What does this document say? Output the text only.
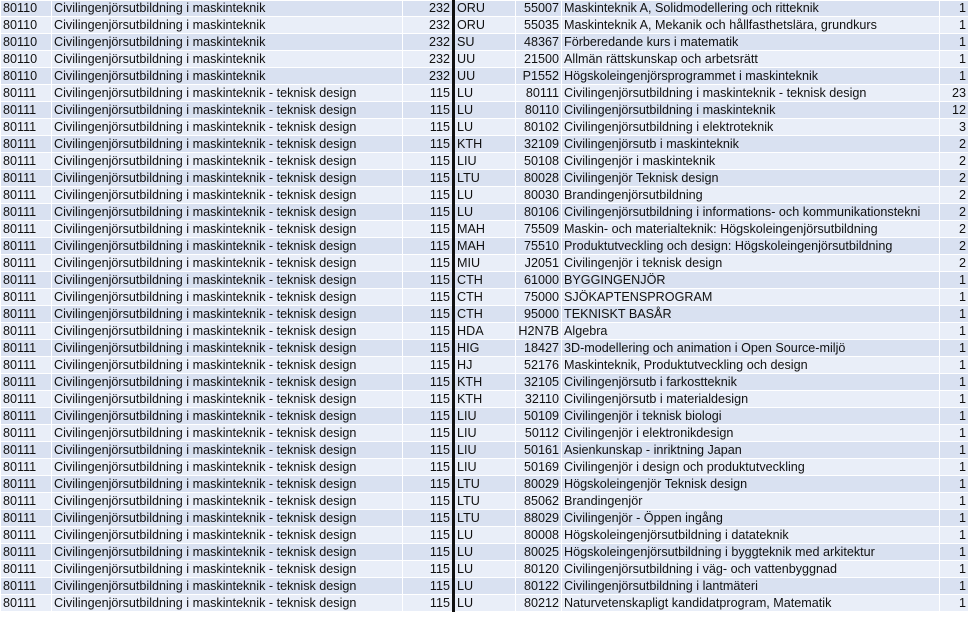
80110	Civilingenjörsutbildning i maskinteknik	232	ORU	55007	Maskinteknik A, Solidmodellering och ritteknik	1
80110	Civilingenjörsutbildning i maskinteknik	232	ORU	55035	Maskinteknik A, Mekanik och hållfasthetslära, grundkurs	1
80110	Civilingenjörsutbildning i maskinteknik	232	SU	48367	Förberedande kurs i matematik	1
80110	Civilingenjörsutbildning i maskinteknik	232	UU	21500	Allmän rättskunskap och arbetsrätt	1
80110	Civilingenjörsutbildning i maskinteknik	232	UU	P1552	Högskoleingenjörsprogrammet i maskinteknik	1
80111	Civilingenjörsutbildning i maskinteknik - teknisk design	115	LU	80111	Civilingenjörsutbildning i maskinteknik - teknisk design	23
80111	Civilingenjörsutbildning i maskinteknik - teknisk design	115	LU	80110	Civilingenjörsutbildning i maskinteknik	12
80111	Civilingenjörsutbildning i maskinteknik - teknisk design	115	LU	80102	Civilingenjörsutbildning i elektroteknik	3
80111	Civilingenjörsutbildning i maskinteknik - teknisk design	115	KTH	32109	Civilingenjörsutb i maskinteknik	2
80111	Civilingenjörsutbildning i maskinteknik - teknisk design	115	LIU	50108	Civilingenjör i maskinteknik	2
80111	Civilingenjörsutbildning i maskinteknik - teknisk design	115	LTU	80028	Civilingenjör Teknisk design	2
80111	Civilingenjörsutbildning i maskinteknik - teknisk design	115	LU	80030	Brandingenjörsutbildning	2
80111	Civilingenjörsutbildning i maskinteknik - teknisk design	115	LU	80106	Civilingenjörsutbildning i informations- och kommunikationstekni	2
80111	Civilingenjörsutbildning i maskinteknik - teknisk design	115	MAH	75509	Maskin- och materialteknik: Högskoleingenjörsutbildning	2
80111	Civilingenjörsutbildning i maskinteknik - teknisk design	115	MAH	75510	Produktutveckling och design: Högskoleingenjörsutbildning	2
80111	Civilingenjörsutbildning i maskinteknik - teknisk design	115	MIU	J2051	Civilingenjör i teknisk design	2
80111	Civilingenjörsutbildning i maskinteknik - teknisk design	115	CTH	61000	BYGGINGENJÖR	1
80111	Civilingenjörsutbildning i maskinteknik - teknisk design	115	CTH	75000	SJÖKAPTENSPROGRAM	1
80111	Civilingenjörsutbildning i maskinteknik - teknisk design	115	CTH	95000	TEKNISKT BASÅR	1
80111	Civilingenjörsutbildning i maskinteknik - teknisk design	115	HDA	H2N7B	Algebra	1
80111	Civilingenjörsutbildning i maskinteknik - teknisk design	115	HIG	18427	3D-modellering och animation i Open Source-miljö	1
80111	Civilingenjörsutbildning i maskinteknik - teknisk design	115	HJ	52176	Maskinteknik, Produktutveckling och design	1
80111	Civilingenjörsutbildning i maskinteknik - teknisk design	115	KTH	32105	Civilingenjörsutb i farkostteknik	1
80111	Civilingenjörsutbildning i maskinteknik - teknisk design	115	KTH	32110	Civilingenjörsutb i materialdesign	1
80111	Civilingenjörsutbildning i maskinteknik - teknisk design	115	LIU	50109	Civilingenjör i teknisk biologi	1
80111	Civilingenjörsutbildning i maskinteknik - teknisk design	115	LIU	50112	Civilingenjör i elektronikdesign	1
80111	Civilingenjörsutbildning i maskinteknik - teknisk design	115	LIU	50161	Asienkunskap - inriktning Japan	1
80111	Civilingenjörsutbildning i maskinteknik - teknisk design	115	LIU	50169	Civilingenjör i design och produktutveckling	1
80111	Civilingenjörsutbildning i maskinteknik - teknisk design	115	LTU	80029	Högskoleingenjör Teknisk design	1
80111	Civilingenjörsutbildning i maskinteknik - teknisk design	115	LTU	85062	Brandingenjör	1
80111	Civilingenjörsutbildning i maskinteknik - teknisk design	115	LTU	88029	Civilingenjör - Öppen ingång	1
80111	Civilingenjörsutbildning i maskinteknik - teknisk design	115	LU	80008	Högskoleingenjörsutbildning i datateknik	1
80111	Civilingenjörsutbildning i maskinteknik - teknisk design	115	LU	80025	Högskoleingenjörsutbildning i byggteknik med arkitektur	1
80111	Civilingenjörsutbildning i maskinteknik - teknisk design	115	LU	80120	Civilingenjörsutbildning i väg- och vattenbyggnad	1
80111	Civilingenjörsutbildning i maskinteknik - teknisk design	115	LU	80122	Civilingenjörsutbildning i lantmäteri	1
80111	Civilingenjörsutbildning i maskinteknik - teknisk design	115	LU	80212	Naturvetenskapligt kandidatprogram, Matematik	1
